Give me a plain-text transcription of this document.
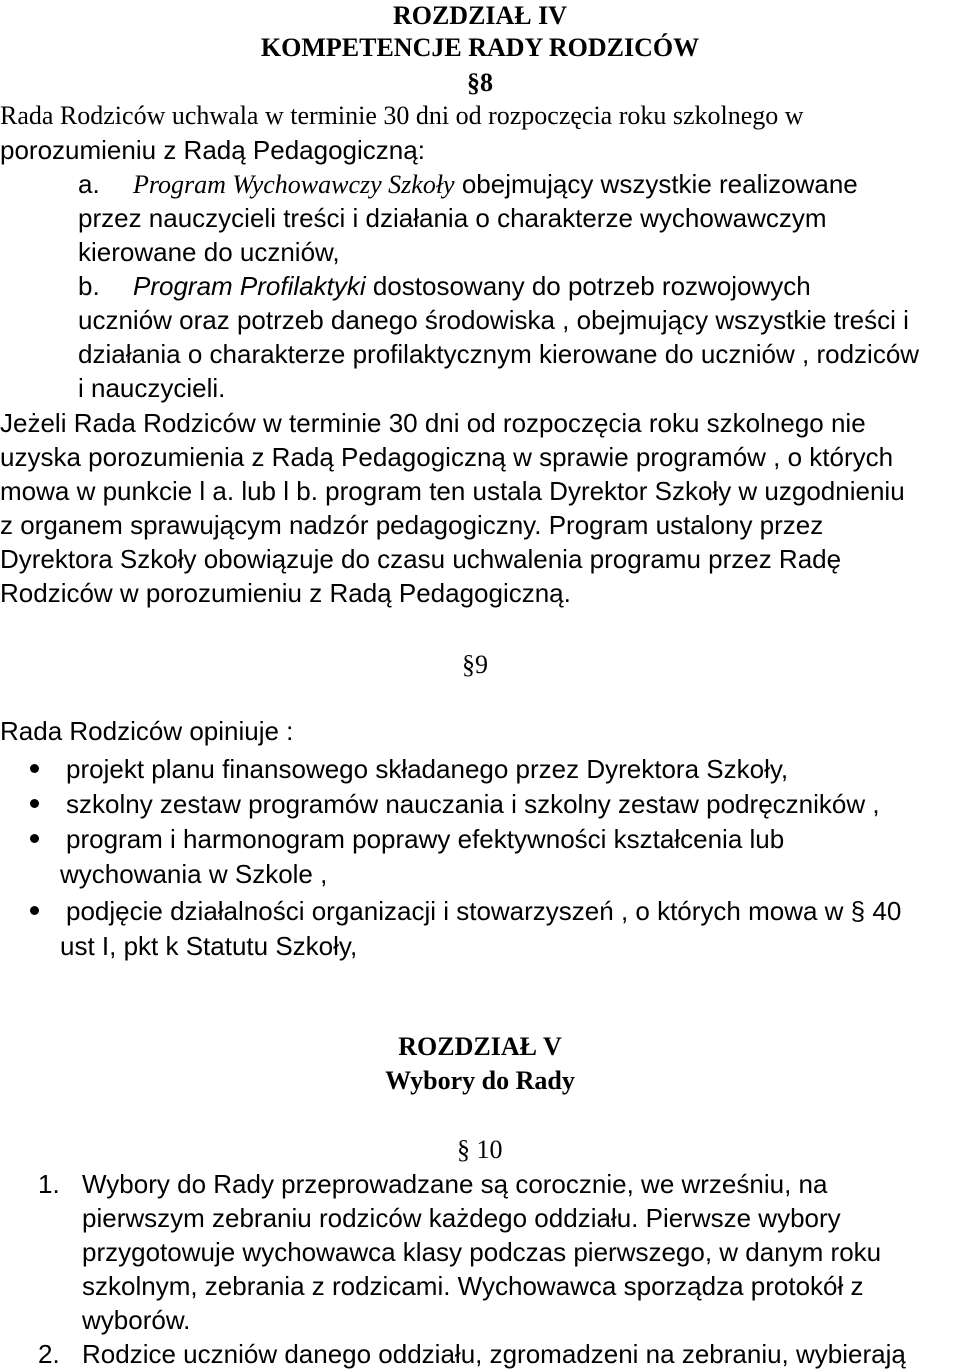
ROZDZIAŁ IV
KOMPETENCJE RADY RODZICÓW
§8
Rada Rodziców uchwala w terminie 30 dni od rozpoczęcia roku szkolnego w
porozumieniu z Radą Pedagogiczną:
a. Program Wychowawczy Szkoły obejmujący wszystkie realizowane
przez nauczycieli treści i działania o charakterze wychowawczym
kierowane do uczniów,
b. Program Profilaktyki dostosowany do potrzeb rozwojowych
uczniów oraz potrzeb danego środowiska , obejmujący wszystkie treści i
działania o charakterze profilaktycznym kierowane do uczniów , rodziców
i nauczycieli.
Jeżeli Rada Rodziców w terminie 30 dni od rozpoczęcia roku szkolnego nie
uzyska porozumienia z Radą Pedagogiczną w sprawie programów , o których
mowa w punkcie l a. lub l b. program ten ustala Dyrektor Szkoły w uzgodnieniu
z organem sprawującym nadzór pedagogiczny. Program ustalony przez
Dyrektora Szkoły obowiązuje do czasu uchwalenia programu przez Radę
Rodziców w porozumieniu z Radą Pedagogiczną.
§9
Rada Rodziców opiniuje :
projekt planu finansowego składanego przez Dyrektora Szkoły,
szkolny zestaw programów nauczania i szkolny zestaw podręczników ,
program i harmonogram poprawy efektywności kształcenia lub
wychowania w Szkole ,
podjęcie działalności organizacji i stowarzyszeń , o których mowa w § 40
ust I, pkt k Statutu Szkoły,
ROZDZIAŁ V
Wybory do Rady
§ 10
1. Wybory do Rady przeprowadzane są corocznie, we wrześniu, na
pierwszym zebraniu rodziców każdego oddziału. Pierwsze wybory
przygotowuje wychowawca klasy podczas pierwszego, w danym roku
szkolnym, zebrania z rodzicami. Wychowawca sporządza protokół z
wyborów.
2. Rodzice uczniów danego oddziału, zgromadzeni na zebraniu, wybierają
